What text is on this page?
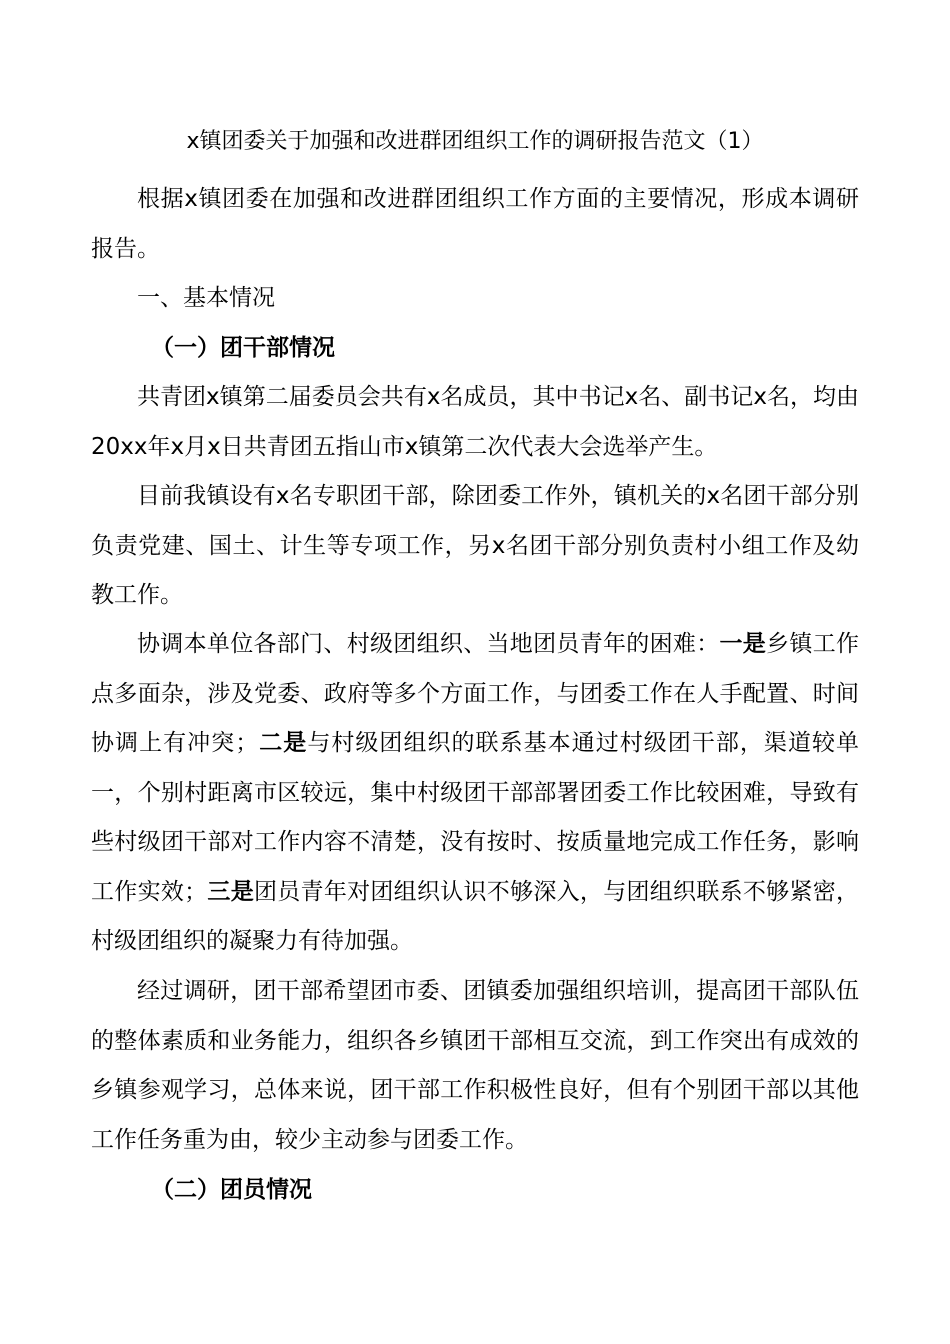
x镇团委关于加强和改进群团组织工作的调研报告范文（1）

根据x镇团委在加强和改进群团组织工作方面的主要情况，形成本调研报告。

一、基本情况
（一）团干部情况

共青团x镇第二届委员会共有x名成员，其中书记x名、副书记x名，均由20xx年x月x日共青团五指山市x镇第二次代表大会选举产生。

目前我镇设有x名专职团干部，除团委工作外，镇机关的x名团干部分别负责党建、国土、计生等专项工作，另x名团干部分别负责村小组工作及幼教工作。

协调本单位各部门、村级团组织、当地团员青年的困难：一是乡镇工作点多面杂，涉及党委、政府等多个方面工作，与团委工作在人手配置、时间协调上有冲突；二是与村级团组织的联系基本通过村级团干部，渠道较单一，个别村距离市区较远，集中村级团干部部署团委工作比较困难，导致有些村级团干部对工作内容不清楚，没有按时、按质量地完成工作任务，影响工作实效；三是团员青年对团组织认识不够深入，与团组织联系不够紧密，村级团组织的凝聚力有待加强。

经过调研，团干部希望团市委、团镇委加强组织培训，提高团干部队伍的整体素质和业务能力，组织各乡镇团干部相互交流，到工作突出有成效的乡镇参观学习，总体来说，团干部工作积极性良好，但有个别团干部以其他工作任务重为由，较少主动参与团委工作。

（二）团员情况
